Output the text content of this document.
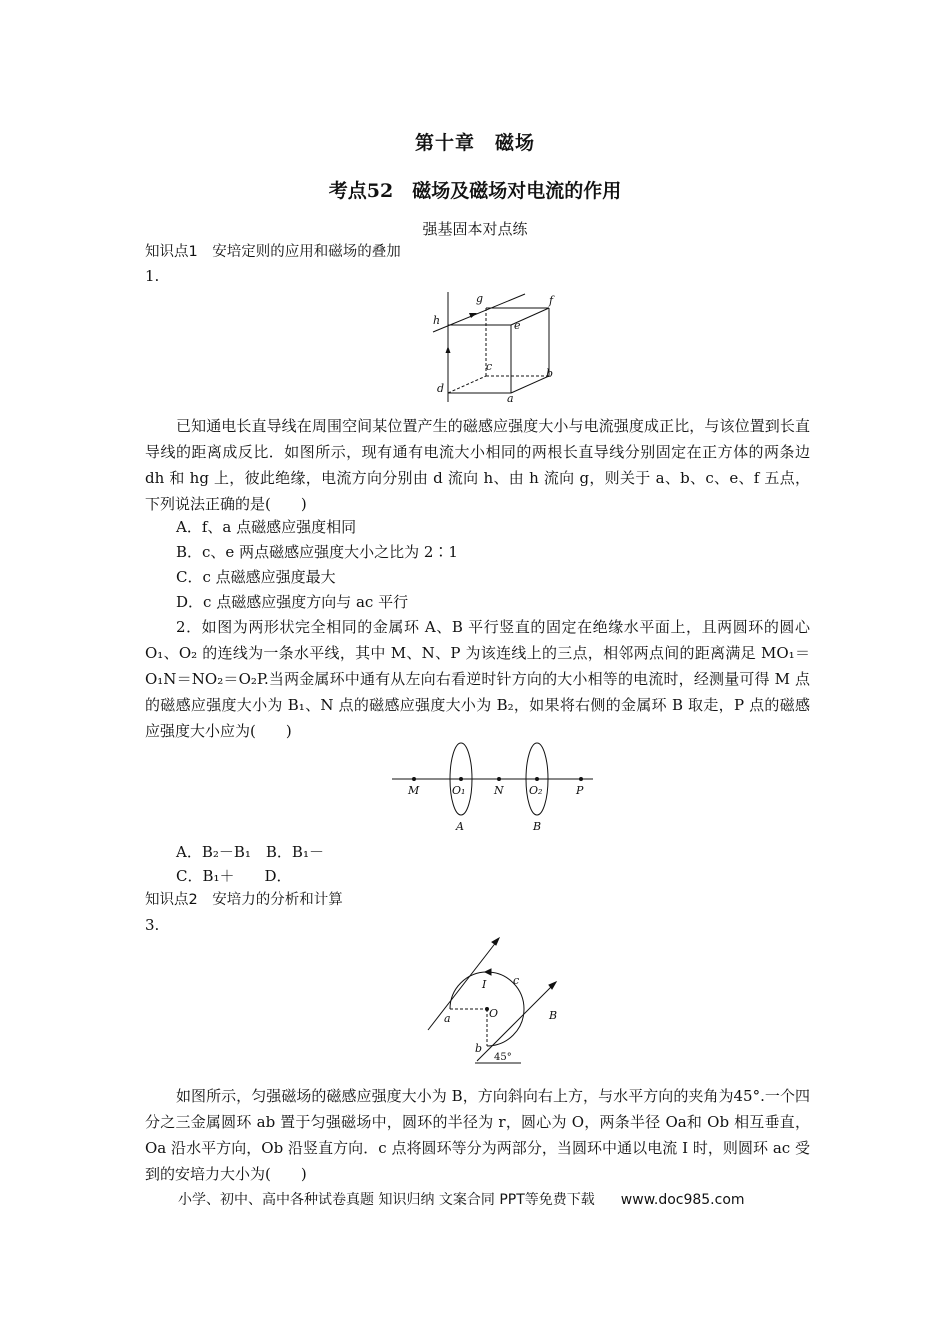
第十章　磁场
考点52　磁场及磁场对电流的作用
强基固本对点练
知识点1　安培定则的应用和磁场的叠加
1.
h
g	f
e
c
d
b
a
已知通电长直导线在周围空间某位置产生的磁感应强度大小与电流强度成正比，与该位置到长直导线的距离成反比．如图所示，现有通有电流大小相同的两根长直导线分别固定在正方体的两条边 dh 和 hg 上，彼此绝缘，电流方向分别由 d 流向 h、由 h 流向 g，则关于 a、b、c、e、f 五点，下列说法正确的是(　　)
A．f、a 点磁感应强度相同
B．c、e 两点磁感应强度大小之比为 2∶1
C．c 点磁感应强度最大
D．c 点磁感应强度方向与 ac 平行
2．如图为两形状完全相同的金属环 A、B 平行竖直的固定在绝缘水平面上，且两圆环的圆心 O₁、O₂ 的连线为一条水平线，其中 M、N、P 为该连线上的三点，相邻两点间的距离满足 MO₁＝O₁N＝NO₂＝O₂P.当两金属环中通有从左向右看逆时针方向的大小相等的电流时，经测量可得 M 点的磁感应强度大小为 B₁、N 点的磁感应强度大小为 B₂，如果将右侧的金属环 B 取走，P 点的磁感应强度大小应为(　　)
M	O₁	N O₂	P
A	B
A．B₂－B₁　B．B₁－
C．B₁＋　　D．
知识点2　安培力的分析和计算
3.
I c
O
a
b
B
45°
如图所示，匀强磁场的磁感应强度大小为 B，方向斜向右上方，与水平方向的夹角为45°.一个四分之三金属圆环 ab 置于匀强磁场中，圆环的半径为 r，圆心为 O，两条半径 Oa和 Ob 相互垂直，Oa 沿水平方向，Ob 沿竖直方向．c 点将圆环等分为两部分，当圆环中通以电流 I 时，则圆环 ac 受到的安培力大小为(　　)
小学、初中、高中各种试卷真题 知识归纳 文案合同 PPT等免费下载 www.doc985.com
